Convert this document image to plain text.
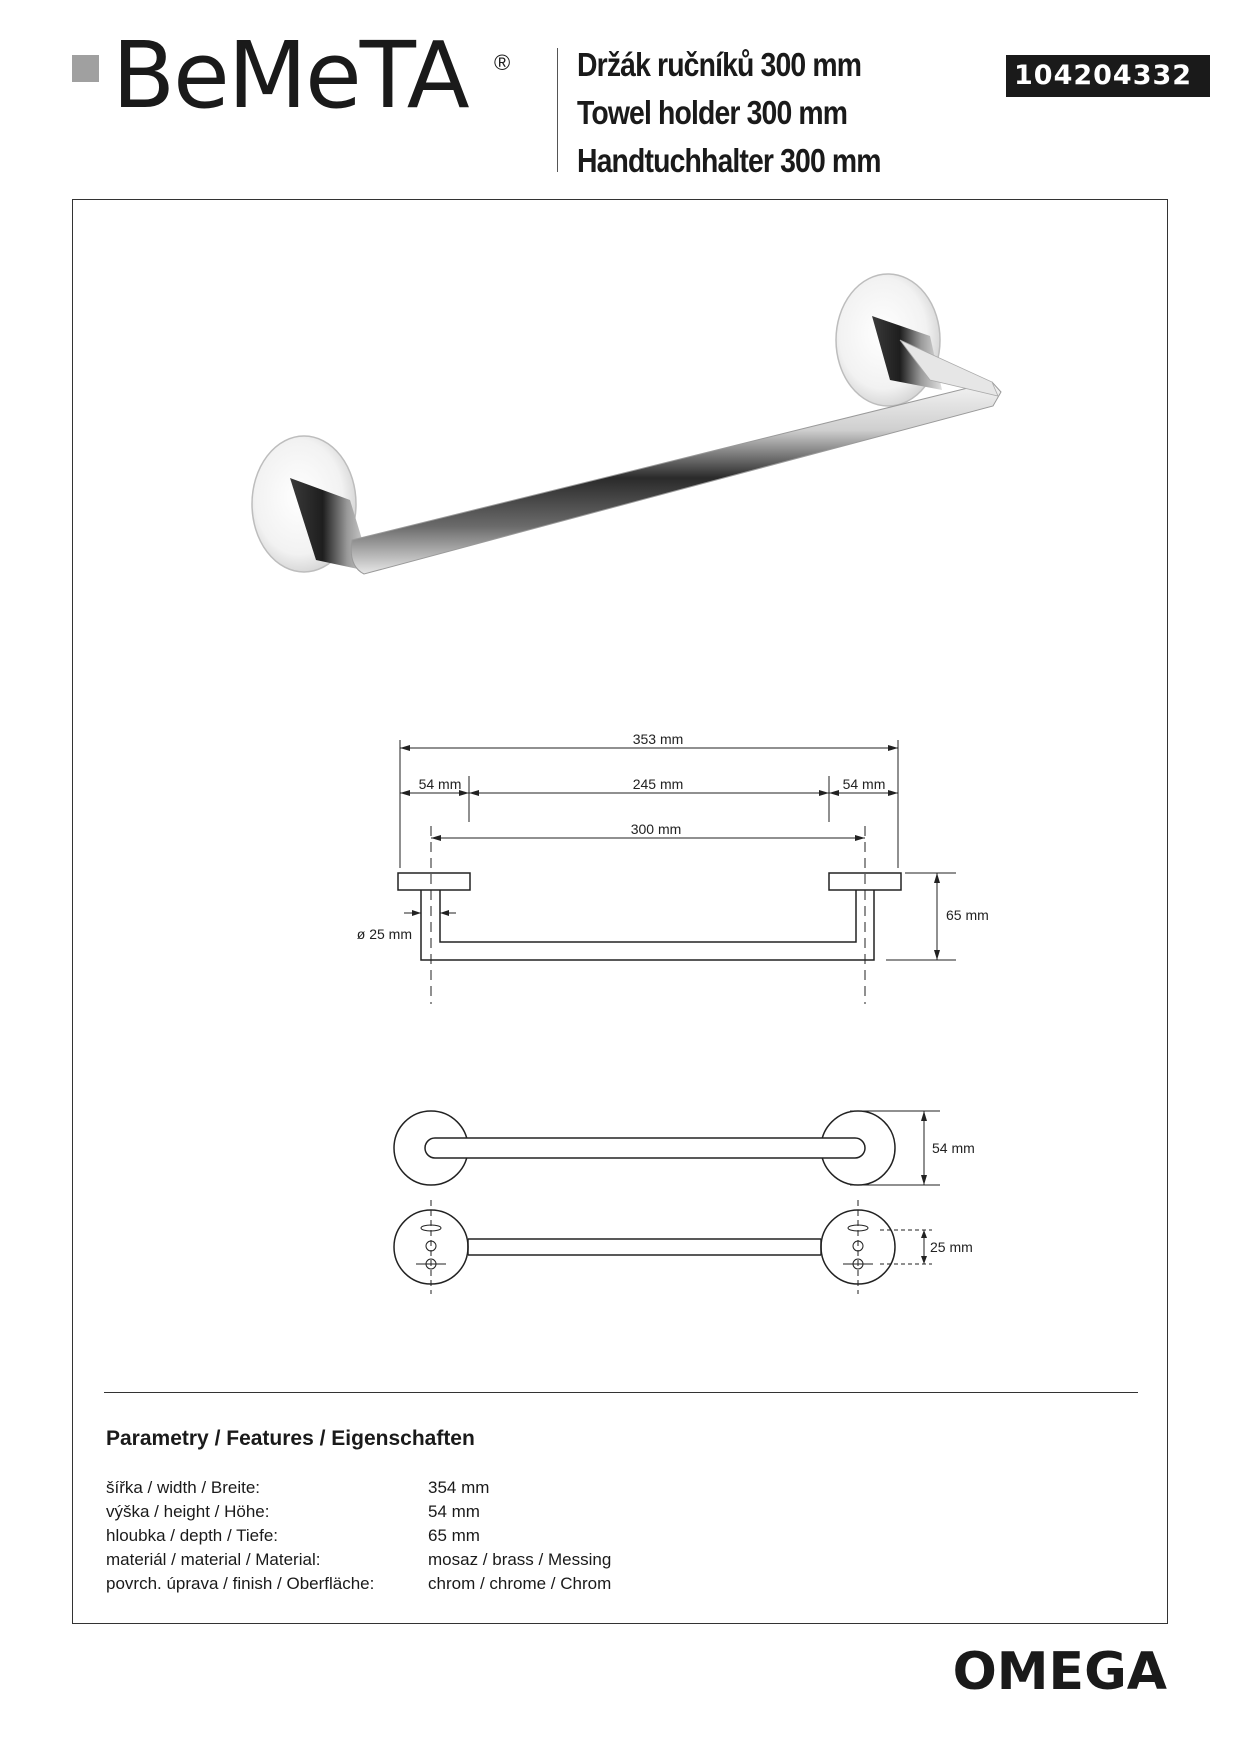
BeMeTA ® Držák ručníků 300 mm
Towel holder 300 mm
Handtuchhalter 300 mm
104204332
353 mm
54 mm	245 mm	54 mm
300 mm
ø 25 mm
65 mm
54 mm
25 mm
Parametry / Features / Eigenschaften
šířka / width / Breite:	354 mm
výška / height / Höhe:	54 mm
hloubka / depth / Tiefe:	65 mm
materiál / material / Material:	mosaz / brass / Messing
povrch. úprava / finish / Oberfläche:	chrom / chrome / Chrom
OMEGA
